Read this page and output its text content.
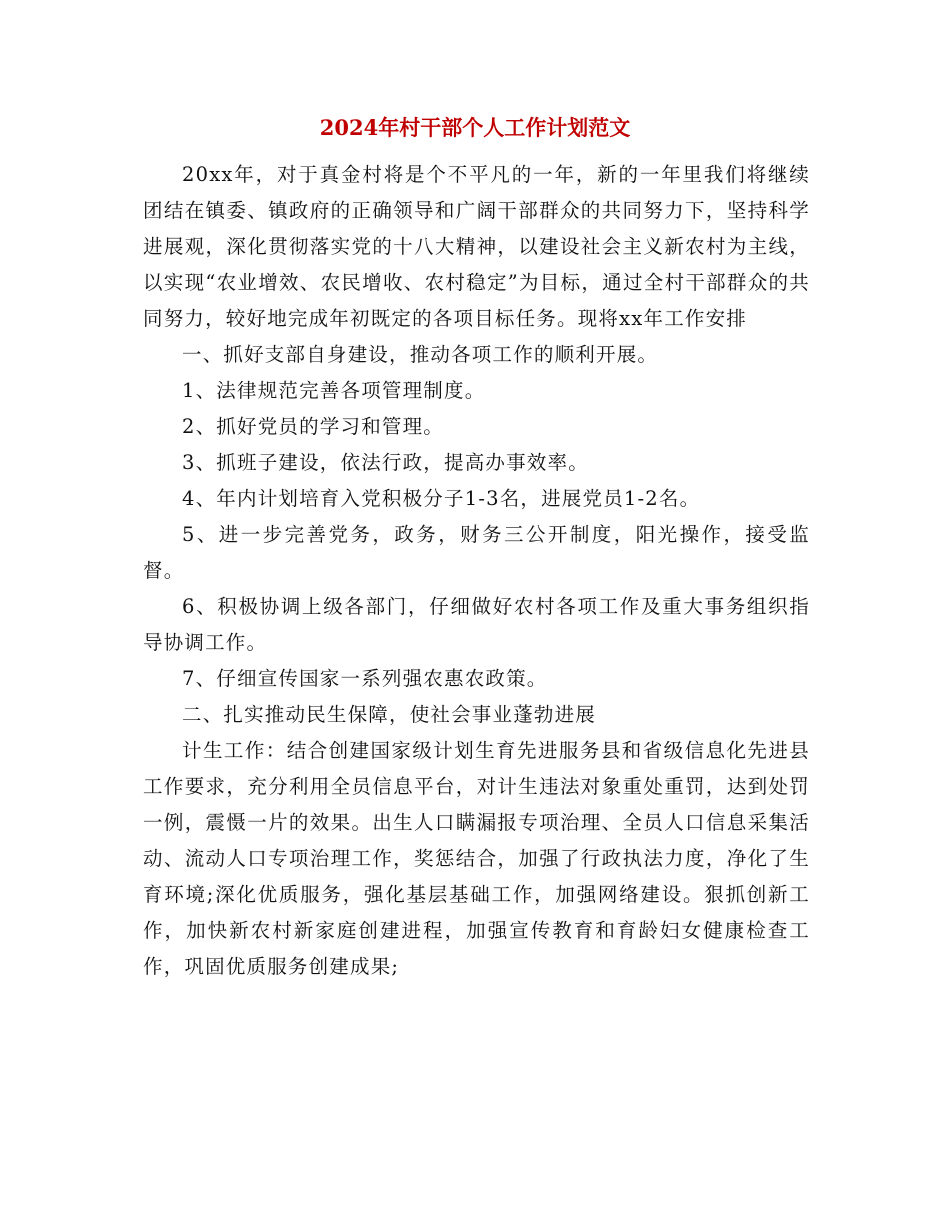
2024年村干部个人工作计划范文

20xx年，对于真金村将是个不平凡的一年，新的一年里我们将继续团结在镇委、镇政府的正确领导和广阔干部群众的共同努力下，坚持科学进展观，深化贯彻落实党的十八大精神，以建设社会主义新农村为主线，以实现“农业增效、农民增收、农村稳定”为目标，通过全村干部群众的共同努力，较好地完成年初既定的各项目标任务。现将xx年工作安排

一、抓好支部自身建设，推动各项工作的顺利开展。

1、法律规范完善各项管理制度。

2、抓好党员的学习和管理。

3、抓班子建设，依法行政，提高办事效率。

4、年内计划培育入党积极分子1-3名，进展党员1-2名。

5、进一步完善党务，政务，财务三公开制度，阳光操作，接受监督。

6、积极协调上级各部门，仔细做好农村各项工作及重大事务组织指导协调工作。

7、仔细宣传国家一系列强农惠农政策。

二、扎实推动民生保障，使社会事业蓬勃进展

计生工作：结合创建国家级计划生育先进服务县和省级信息化先进县工作要求，充分利用全员信息平台，对计生违法对象重处重罚，达到处罚一例，震慑一片的效果。出生人口瞒漏报专项治理、全员人口信息采集活动、流动人口专项治理工作，奖惩结合，加强了行政执法力度，净化了生育环境;深化优质服务，强化基层基础工作，加强网络建设。狠抓创新工作，加快新农村新家庭创建进程，加强宣传教育和育龄妇女健康检查工作，巩固优质服务创建成果;
